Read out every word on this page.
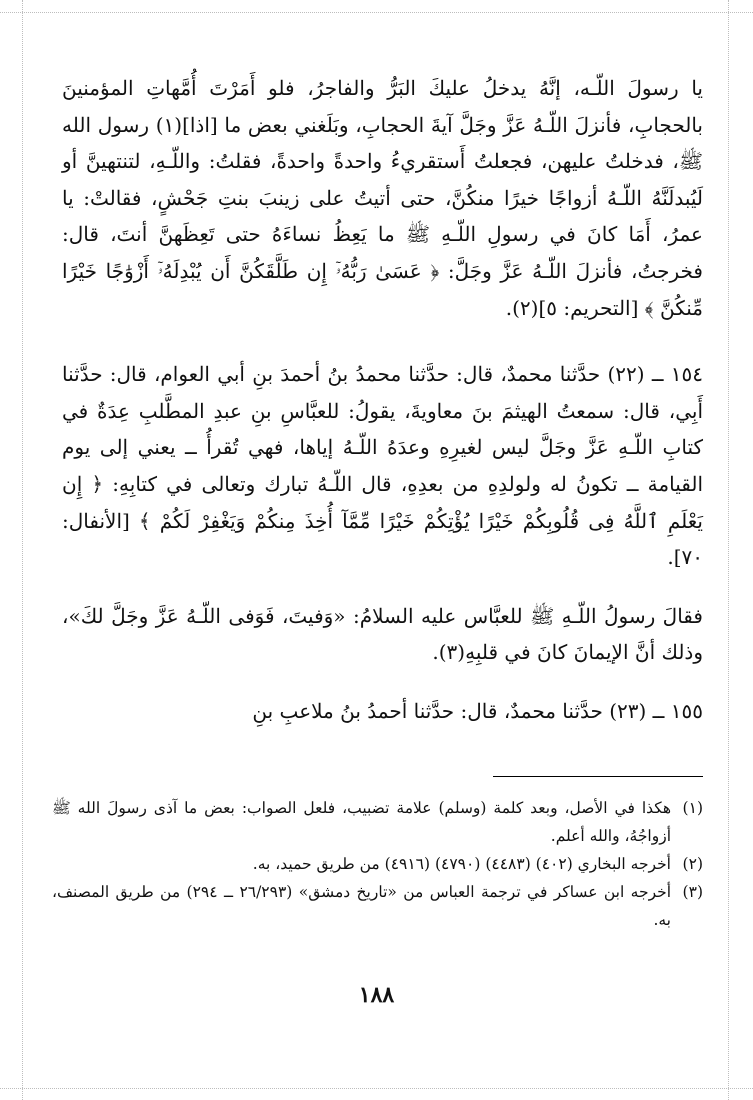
يا رسولَ اللّـه، إنَّهُ يدخلُ عليكَ البَرُّ والفاجرُ، فلو أَمَرْتَ أُمَّهاتِ المؤمنينَ بالحجابِ، فأنزلَ اللّـهُ عَزَّ وجَلَّ آيةَ الحجابِ، وبَلَغني بعض ما [اذا](١) رسول الله ﷺ، فدخلتُ عليهن، فجعلتُ أَستقريءُ واحدةً واحدةً، فقلتُ: واللّـهِ، لتنتهينَّ أو لَيُبدلَنَّهُ اللّـهُ أزواجًا خيرًا منكُنَّ، حتى أتيتُ على زينبَ بنتِ جَحْشٍ، فقالتْ: يا عمرُ، أَمَا كانَ في رسولِ اللّـهِ ﷺ ما يَعِظُ نساءَهُ حتى تَعِظَهنَّ أنتَ، قال: فخرجتُ، فأنزلَ اللّـهُ عَزَّ وجَلَّ: ﴿ عَسَىٰ رَبُّهُۥٓ إِن طَلَّقَكُنَّ أَن يُبْدِلَهُۥٓ أَزْوَٰجًا خَيْرًا مِّنكُنَّ ﴾ [التحريم: ٥](٢).

١٥٤ ــ (٢٢) حدَّثنا محمدٌ، قال: حدَّثنا محمدُ بنُ أحمدَ بنِ أبي العوام، قال: حدَّثنا أَبِي، قال: سمعتُ الهيثمَ بنَ معاويةَ، يقولُ: للعبَّاسِ بنِ عبدِ المطَّلبِ عِدَةٌ في كتابِ اللّـهِ عَزَّ وجَلَّ ليس لغيرِهِ وعدَهُ اللّـهُ إياها، فهي تُقرأُ ــ يعني إلى يوم القيامة ــ تكونُ له ولولدِهِ من بعدِهِ، قال اللّـهُ تبارك وتعالى في كتابِهِ: ﴿ إِن يَعْلَمِ ٱللَّهُ فِى قُلُوبِكُمْ خَيْرًا يُؤْتِكُمْ خَيْرًا مِّمَّآ أُخِذَ مِنكُمْ وَيَغْفِرْ لَكُمْ ﴾ [الأنفال: ٧٠].

فقالَ رسولُ اللّـهِ ﷺ للعبَّاس عليه السلامُ: «وَفيتَ، فَوَفى اللّـهُ عَزَّ وجَلَّ لكَ»، وذلك أنَّ الإيمانَ كانَ في قلبِهِ(٣).

١٥٥ ــ (٢٣) حدَّثنا محمدٌ، قال: حدَّثنا أحمدُ بنُ ملاعبِ بنِ

(١)
هكذا في الأصل، وبعد كلمة (وسلم) علامة تضبيب، فلعل الصواب: بعض ما آذى رسولَ الله ﷺ أزواجُهُ، والله أعلم.
(٢)
أخرجه البخاري (٤٠٢) (٤٤٨٣) (٤٧٩٠) (٤٩١٦) من طريق حميد، به.
(٣)
أخرجه ابن عساكر في ترجمة العباس من «تاريخ دمشق» (٢٦/٢٩٣ ــ ٢٩٤) من طريق المصنف، به.
١٨٨
